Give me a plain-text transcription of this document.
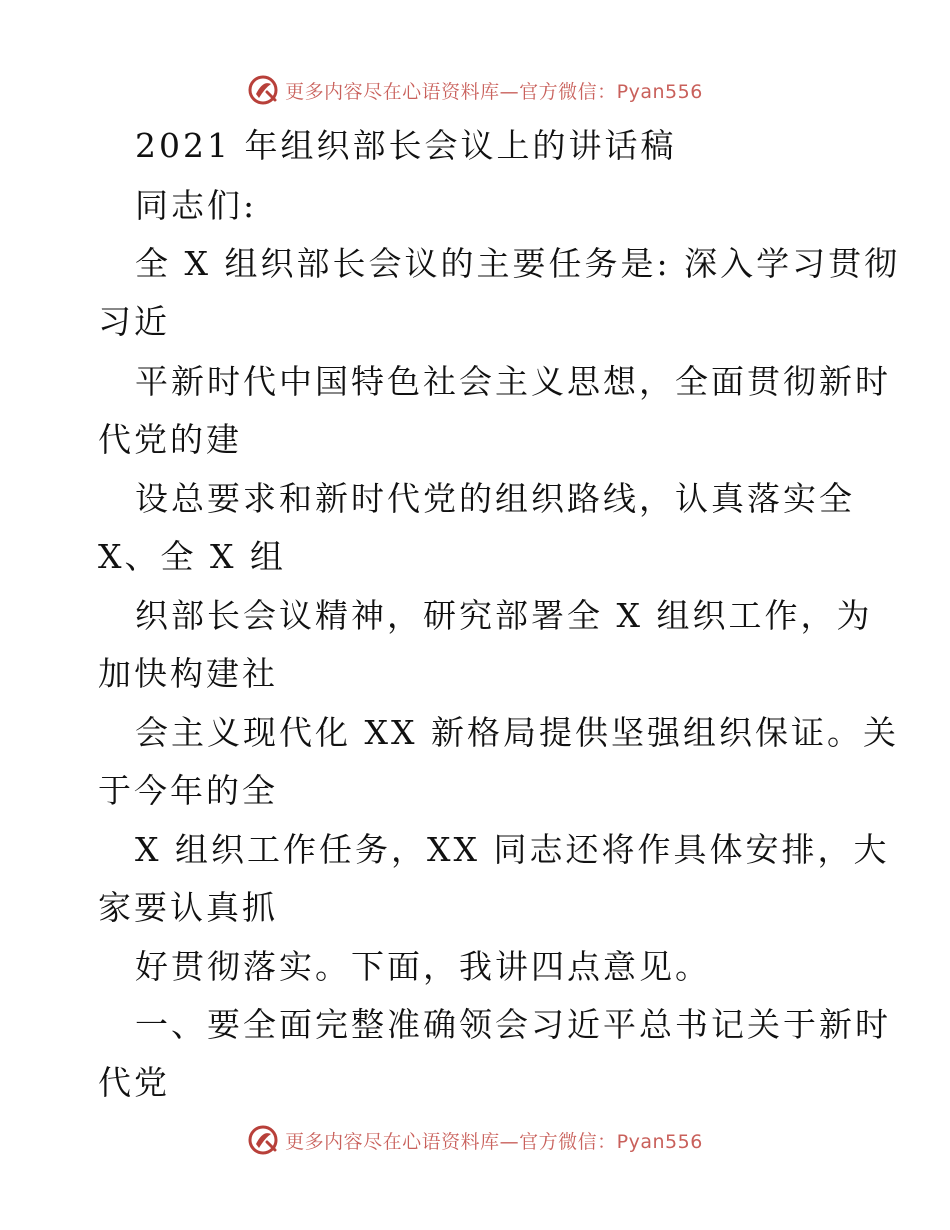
更多内容尽在心语资料库—官方微信：Pyan556

2021 年组织部长会议上的讲话稿

同志们:

全 X 组织部长会议的主要任务是: 深入学习贯彻

习近

平新时代中国特色社会主义思想，全面贯彻新时

代党的建

设总要求和新时代党的组织路线，认真落实全

X、全 X 组

织部长会议精神，研究部署全 X 组织工作，为

加快构建社

会主义现代化 XX 新格局提供坚强组织保证。关

于今年的全

X 组织工作任务，XX 同志还将作具体安排，大

家要认真抓

好贯彻落实。下面，我讲四点意见。

一、要全面完整准确领会习近平总书记关于新时

代党

更多内容尽在心语资料库—官方微信：Pyan556
